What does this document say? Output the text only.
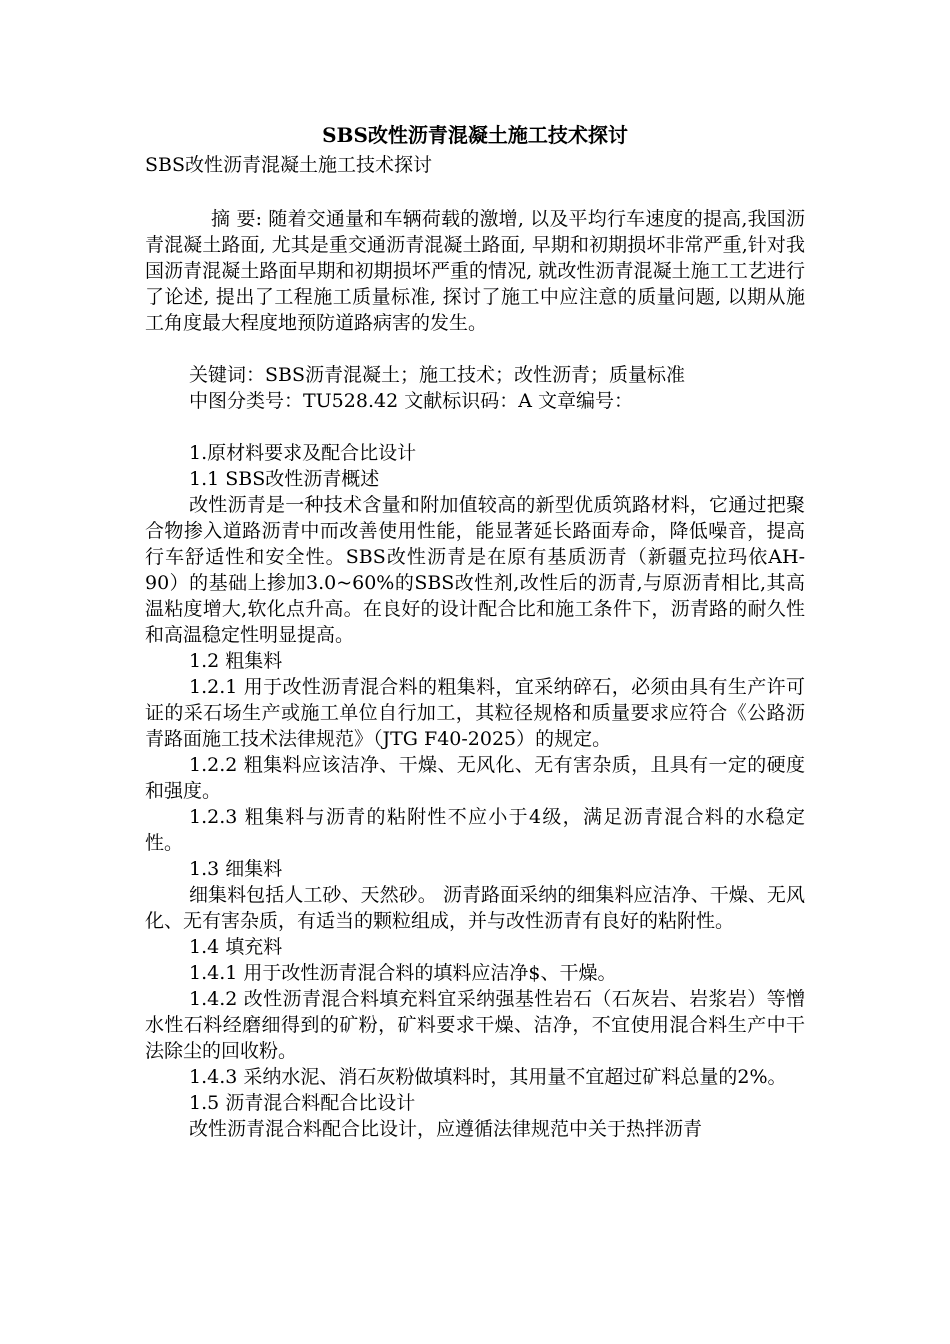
SBS改性沥青混凝土施工技术探讨

SBS改性沥青混凝土施工技术探讨

摘 要: 随着交通量和车辆荷载的激增, 以及平均行车速度的提高,我国沥青混凝土路面, 尤其是重交通沥青混凝土路面, 早期和初期损坏非常严重,针对我国沥青混凝土路面早期和初期损坏严重的情况, 就改性沥青混凝土施工工艺进行了论述, 提出了工程施工质量标准, 探讨了施工中应注意的质量问题, 以期从施工角度最大程度地预防道路病害的发生。

关键词：SBS沥青混凝土；施工技术；改性沥青；质量标准

中图分类号：TU528.42 文献标识码：A 文章编号：

1.原材料要求及配合比设计

1.1 SBS改性沥青概述

改性沥青是一种技术含量和附加值较高的新型优质筑路材料，它通过把聚合物掺入道路沥青中而改善使用性能，能显著延长路面寿命，降低噪音，提高行车舒适性和安全性。SBS改性沥青是在原有基质沥青（新疆克拉玛依AH-90）的基础上掺加3.0~60%的SBS改性剂,改性后的沥青,与原沥青相比,其高温粘度增大,软化点升高。在良好的设计配合比和施工条件下，沥青路的耐久性和高温稳定性明显提高。

1.2 粗集料

1.2.1 用于改性沥青混合料的粗集料，宜采纳碎石，必须由具有生产许可证的采石场生产或施工单位自行加工，其粒径规格和质量要求应符合《公路沥青路面施工技术法律规范》（JTG F40-2025）的规定。

1.2.2 粗集料应该洁净、干燥、无风化、无有害杂质，且具有一定的硬度和强度。

1.2.3 粗集料与沥青的粘附性不应小于4级，满足沥青混合料的水稳定性。

1.3 细集料

细集料包括人工砂、天然砂。 沥青路面采纳的细集料应洁净、干燥、无风化、无有害杂质，有适当的颗粒组成，并与改性沥青有良好的粘附性。

1.4 填充料

1.4.1 用于改性沥青混合料的填料应洁净$、干燥。

1.4.2 改性沥青混合料填充料宜采纳强基性岩石（石灰岩、岩浆岩）等憎水性石料经磨细得到的矿粉，矿料要求干燥、洁净，不宜使用混合料生产中干法除尘的回收粉。

1.4.3 采纳水泥、消石灰粉做填料时，其用量不宜超过矿料总量的2%。

1.5 沥青混合料配合比设计

改性沥青混合料配合比设计，应遵循法律规范中关于热拌沥青
